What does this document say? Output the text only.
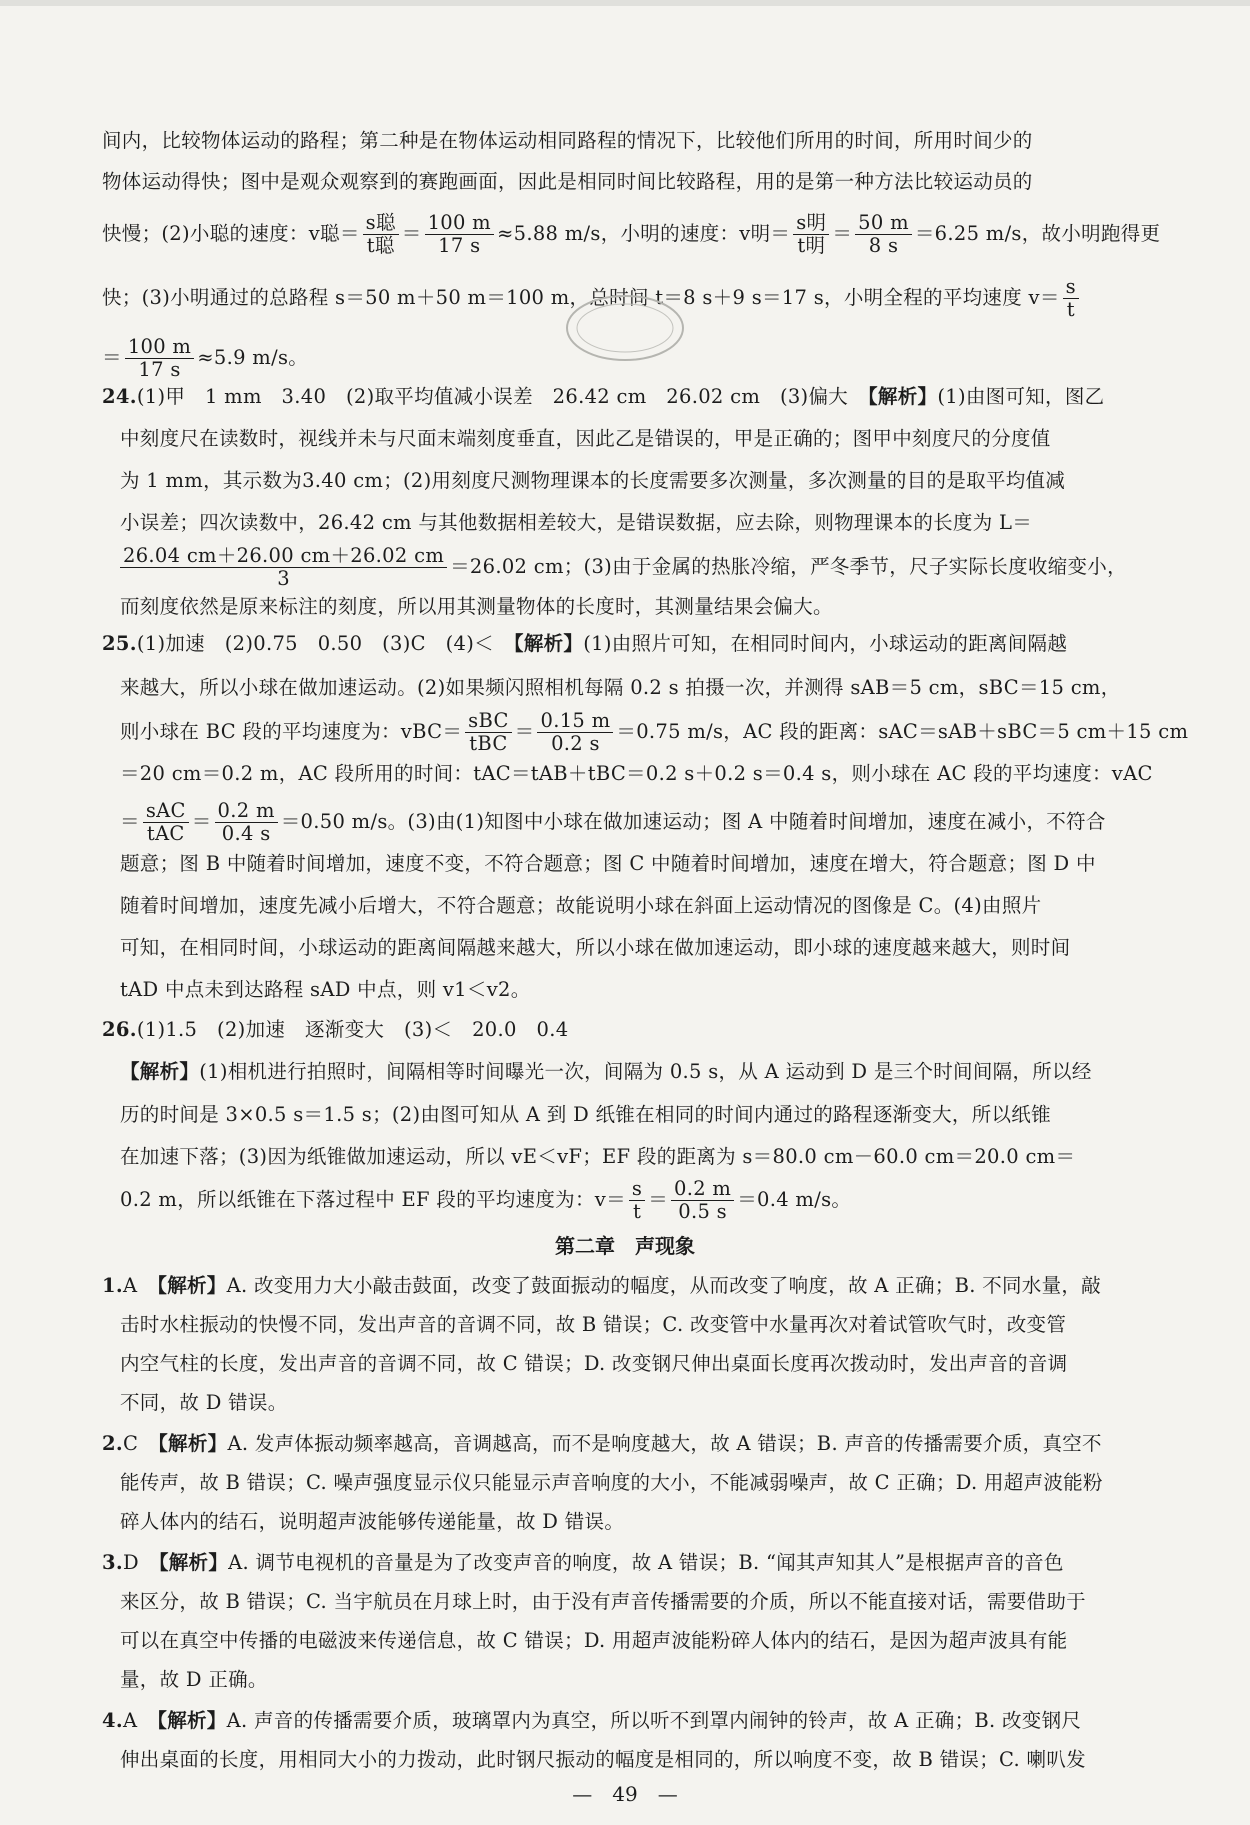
间内，比较物体运动的路程；第二种是在物体运动相同路程的情况下，比较他们所用的时间，所用时间少的
物体运动得快；图中是观众观察到的赛跑画面，因此是相同时间比较路程，用的是第一种方法比较运动员的
快慢；(2)小聪的速度：v聪＝ $\frac{\text{s聪}}{\text{t聪}} = \frac{100 m}{17 s} \approx 5.88$ m/s，小明的速度：v明＝ $\frac{\text{s明}}{\text{t明}} = \frac{50 m}{8 s} =6.25$ m/s，故小明跑得更
快；(3)小明通过的总路程 s＝50 m＋50 m＝100 m，总时间 t＝8 s＋9 s＝17 s，小明全程的平均速度 $v= \frac{s}{t}$
＝ $\frac{100 m}{17 s} \approx 5.9$ m/s。
24.(1)甲　1 mm　3.40　(2)取平均值减小误差　26.42 cm　26.02 cm　(3)偏大　【解析】(1)由图可知，图乙
中刻度尺在读数时，视线并未与尺面末端刻度垂直，因此乙是错误的，甲是正确的；图甲中刻度尺的分度值
为 1 mm，其示数为3.40 cm；(2)用刻度尺测物理课本的长度需要多次测量，多次测量的目的是取平均值减
小误差；四次读数中，26.42 cm 与其他数据相差较大，是错误数据，应去除，则物理课本的长度为 L＝
$\frac{26.04 cm+26.00 cm+26.02 cm}{3} =26.02$ cm；(3)由于金属的热胀冷缩，严冬季节，尺子实际长度收缩变小，
而刻度依然是原来标注的刻度，所以用其测量物体的长度时，其测量结果会偏大。
25.(1)加速　(2)0.75　0.50　(3)C　(4)＜　【解析】(1)由照片可知，在相同时间内，小球运动的距离间隔越
来越大，所以小球在做加速运动。(2)如果频闪照相机每隔 0.2 s 拍摄一次，并测得 sAB＝5 cm，sBC＝15 cm，
则小球在 BC 段的平均速度为：$vBC= \frac{\text{sBC}}{\text{tBC}} = \frac{0.15 m}{0.2 s} =0.75$ m/s，AC 段的距离：sAC＝sAB＋sBC＝5 cm＋15 cm
＝20 cm＝0.2 m，AC 段所用的时间：tAC＝tAB＋tBC＝0.2 s＋0.2 s＝0.4 s，则小球在 AC 段的平均速度：vAC
＝ $\frac{\text{sAC}}{\text{tAC}} = \frac{0.2 m}{0.4 s} =0.50$ m/s。(3)由(1)知图中小球在做加速运动；图 A 中随着时间增加，速度在减小，不符合
题意；图 B 中随着时间增加，速度不变，不符合题意；图 C 中随着时间增加，速度在增大，符合题意；图 D 中
随着时间增加，速度先减小后增大，不符合题意；故能说明小球在斜面上运动情况的图像是 C。(4)由照片
可知，在相同时间，小球运动的距离间隔越来越大，所以小球在做加速运动，即小球的速度越来越大，则时间
tAD 中点未到达路程 sAD 中点，则 v1＜v2。
26.(1)1.5　(2)加速　逐渐变大　(3)＜　20.0　0.4
【解析】(1)相机进行拍照时，间隔相等时间曝光一次，间隔为 0.5 s，从 A 运动到 D 是三个时间间隔，所以经
历的时间是 3×0.5 s＝1.5 s；(2)由图可知从 A 到 D 纸锥在相同的时间内通过的路程逐渐变大，所以纸锥
在加速下落；(3)因为纸锥做加速运动，所以 vE＜vF；EF 段的距离为 s＝80.0 cm－60.0 cm＝20.0 cm＝
0.2 m，所以纸锥在下落过程中 EF 段的平均速度为：$v= \frac{s}{t} = \frac{0.2 m}{0.5 s} =0.4$ m/s。
第二章　声现象
1.A　【解析】A. 改变用力大小敲击鼓面，改变了鼓面振动的幅度，从而改变了响度，故 A 正确；B. 不同水量，敲
击时水柱振动的快慢不同，发出声音的音调不同，故 B 错误；C. 改变管中水量再次对着试管吹气时，改变管
内空气柱的长度，发出声音的音调不同，故 C 错误；D. 改变钢尺伸出桌面长度再次拨动时，发出声音的音调
不同，故 D 错误。
2.C　【解析】A. 发声体振动频率越高，音调越高，而不是响度越大，故 A 错误；B. 声音的传播需要介质，真空不
能传声，故 B 错误；C. 噪声强度显示仪只能显示声音响度的大小，不能减弱噪声，故 C 正确；D. 用超声波能粉
碎人体内的结石，说明超声波能够传递能量，故 D 错误。
3.D　【解析】A. 调节电视机的音量是为了改变声音的响度，故 A 错误；B. “闻其声知其人”是根据声音的音色
来区分，故 B 错误；C. 当宇航员在月球上时，由于没有声音传播需要的介质，所以不能直接对话，需要借助于
可以在真空中传播的电磁波来传递信息，故 C 错误；D. 用超声波能粉碎人体内的结石，是因为超声波具有能
量，故 D 正确。
4.A　【解析】A. 声音的传播需要介质，玻璃罩内为真空，所以听不到罩内闹钟的铃声，故 A 正确；B. 改变钢尺
伸出桌面的长度，用相同大小的力拨动，此时钢尺振动的幅度是相同的，所以响度不变，故 B 错误；C. 喇叭发
—　49　—
